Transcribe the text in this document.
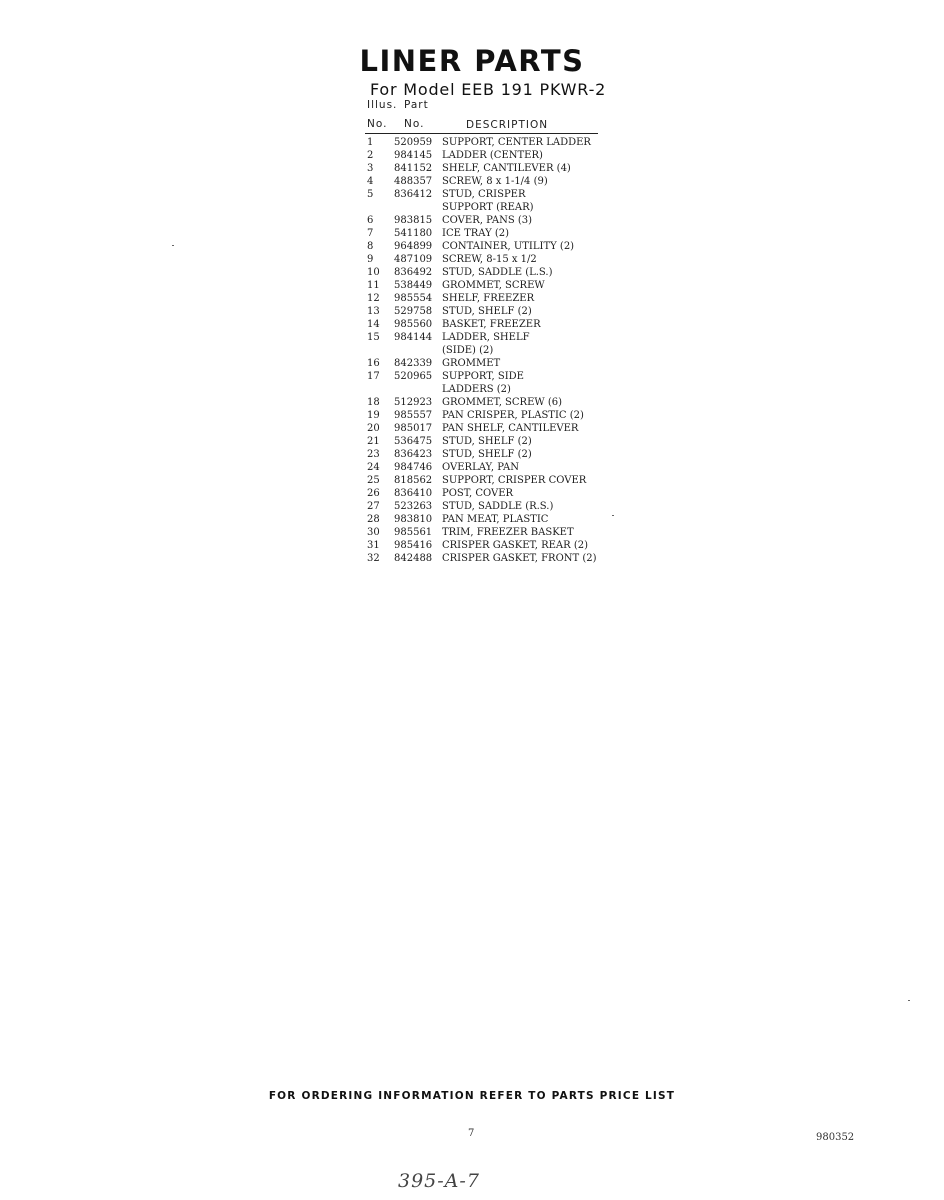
LINER PARTS
For Model EEB 191 PKWR-2
Illus. Part
No. No.	DESCRIPTION
1	520959 SUPPORT, CENTER LADDER
2	984145 LADDER (CENTER)
3	841152 SHELF, CANTILEVER (4)
4	488357 SCREW, 8 x 1-1/4 (9)
5	836412 STUD, CRISPER
SUPPORT (REAR)
6	983815 COVER, PANS (3)
7	541180 ICE TRAY (2)
8	964899 CONTAINER, UTILITY (2)
9	487109 SCREW, 8-15 x 1/2
10	836492 STUD, SADDLE (L.S.)
11	538449 GROMMET, SCREW
12	985554 SHELF, FREEZER
13	529758 STUD, SHELF (2)
14	985560 BASKET, FREEZER
15	984144 LADDER, SHELF
(SIDE) (2)
16	842339 GROMMET
17	520965 SUPPORT, SIDE
LADDERS (2)
18	512923 GROMMET, SCREW (6)
19	985557 PAN CRISPER, PLASTIC (2)
20	985017 PAN SHELF, CANTILEVER
21	536475 STUD, SHELF (2)
23	836423 STUD, SHELF (2)
24	984746 OVERLAY, PAN
25	818562 SUPPORT, CRISPER COVER
26	836410 POST, COVER
27	523263 STUD, SADDLE (R.S.)
28	983810 PAN MEAT, PLASTIC
30	985561 TRIM, FREEZER BASKET
31	985416 CRISPER GASKET, REAR (2)
32	842488 CRISPER GASKET, FRONT (2)
FOR ORDERING INFORMATION REFER TO PARTS PRICE LIST
7	980352
395-A-7
